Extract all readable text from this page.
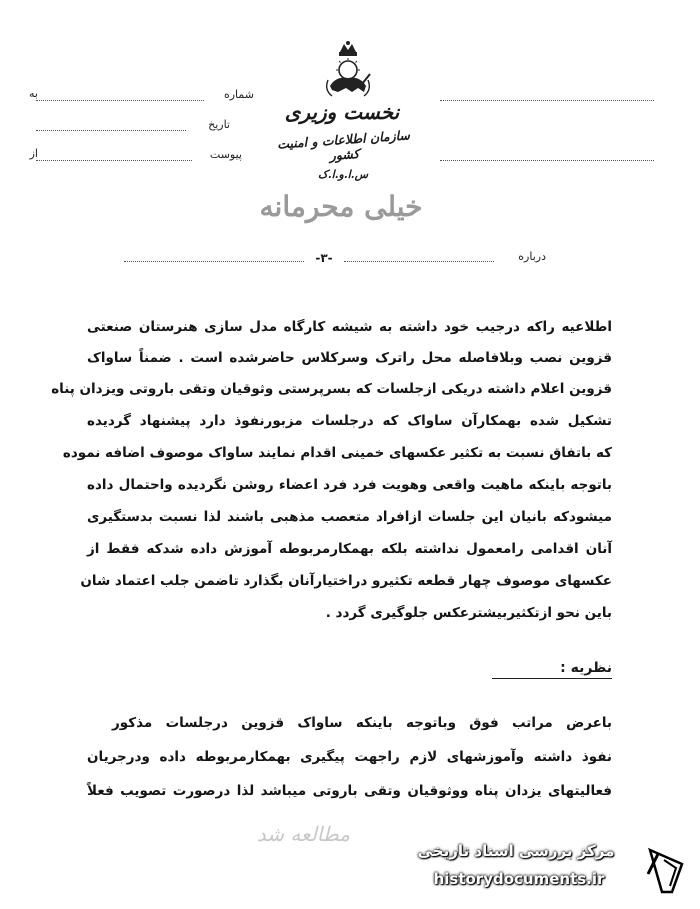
به
از
شماره
تاریخ
پیوست
نخست وزیری
سازمان اطلاعات و امنیت کشور
س.ا.و.ا.ک
خیلی محرمانه
درباره
-۳-
اطلاعیه راکه درجیب خود داشته به شیشه کارگاه مدل سازی هنرستان صنعتی
قزوین نصب وبلافاصله محل راترک وسرکلاس حاضرشده است . ضمناً ساواک
قزوین اعلام داشته دریکی ازجلسات که بسرپرستی وثوقیان وتقی باروتی ویزدان پناه
تشکیل شده بهمکارآن ساواک که درجلسات مزبورنفوذ دارد پیشنهاد گردیده
که باتفاق نسبت به تکثیر عکسهای خمینی اقدام نمایند ساواک موصوف اضافه نموده
باتوجه باینکه ماهیت واقعی وهویت فرد فرد اعضاء روشن نگردیده واحتمال داده
میشودکه بانیان این جلسات ازافراد متعصب مذهبی باشند لذا نسبت بدستگیری
آنان اقدامی رامعمول نداشته بلکه بهمکارمربوطه آموزش داده شدکه فقط از
عکسهای موصوف چهار قطعه تکثیرو دراختیارآنان بگذارد تاضمن جلب اعتماد شان
باین نحو ازتکثیربیشترعکس جلوگیری گردد .
نظریه :
باعرض مراتب فوق وباتوجه باینکه ساواک قزوین درجلسات مذکور
نفوذ داشته وآموزشهای لازم راجهت پیگیری بهمکارمربوطه داده ودرجریان
فعالیتهای یزدان پناه ووثوقیان وتقی باروتی میباشد لذا درصورت تصویب فعلاً
مطالعه شد
مرکز بررسی اسناد تاریخی
historydocuments.ir
